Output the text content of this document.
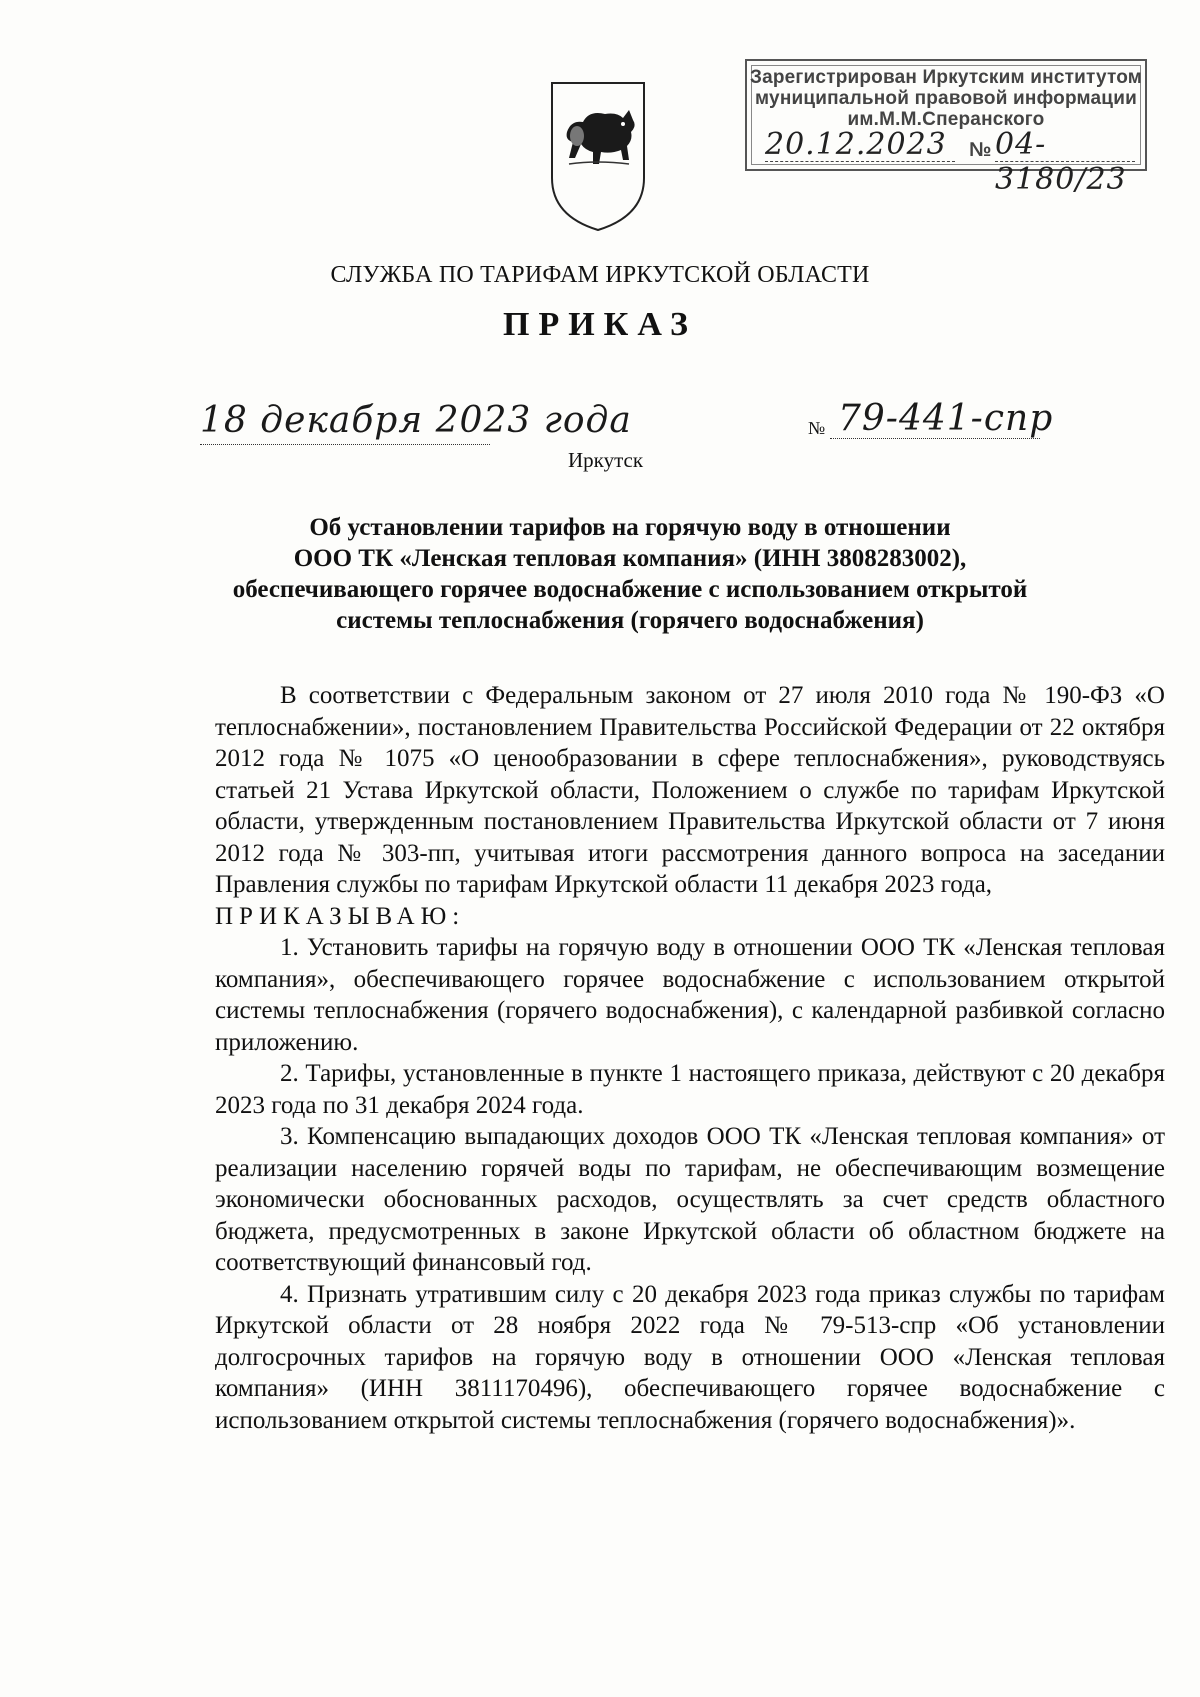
Зарегистрирован Иркутским институтом
муниципальной правовой информации
им.М.М.Сперанского
20.12.2023 № 04-3180/23
СЛУЖБА ПО ТАРИФАМ ИРКУТСКОЙ ОБЛАСТИ
ПРИКАЗ
18 декабря 2023 года
Иркутск
№ 79-441-спр
Об установлении тарифов на горячую воду в отношении
ООО ТК «Ленская тепловая компания» (ИНН 3808283002),
обеспечивающего горячее водоснабжение с использованием открытой
системы теплоснабжения (горячего водоснабжения)

В соответствии с Федеральным законом от 27 июля 2010 года № 190-ФЗ «О теплоснабжении», постановлением Правительства Российской Федерации от 22 октября 2012 года № 1075 «О ценообразовании в сфере теплоснабжения», руководствуясь статьей 21 Устава Иркутской области, Положением о службе по тарифам Иркутской области, утвержденным постановлением Правительства Иркутской области от 7 июня 2012 года № 303-пп, учитывая итоги рассмотрения данного вопроса на заседании Правления службы по тарифам Иркутской области 11 декабря 2023 года,

ПРИКАЗЫВАЮ:

1. Установить тарифы на горячую воду в отношении ООО ТК «Ленская тепловая компания», обеспечивающего горячее водоснабжение с использованием открытой системы теплоснабжения (горячего водоснабжения), с календарной разбивкой согласно приложению.

2. Тарифы, установленные в пункте 1 настоящего приказа, действуют с 20 декабря 2023 года по 31 декабря 2024 года.

3. Компенсацию выпадающих доходов ООО ТК «Ленская тепловая компания» от реализации населению горячей воды по тарифам, не обеспечивающим возмещение экономически обоснованных расходов, осуществлять за счет средств областного бюджета, предусмотренных в законе Иркутской области об областном бюджете на соответствующий финансовый год.

4. Признать утратившим силу с 20 декабря 2023 года приказ службы по тарифам Иркутской области от 28 ноября 2022 года № 79-513-спр «Об установлении долгосрочных тарифов на горячую воду в отношении ООО «Ленская тепловая компания» (ИНН 3811170496), обеспечивающего горячее водоснабжение с использованием открытой системы теплоснабжения (горячего водоснабжения)».
